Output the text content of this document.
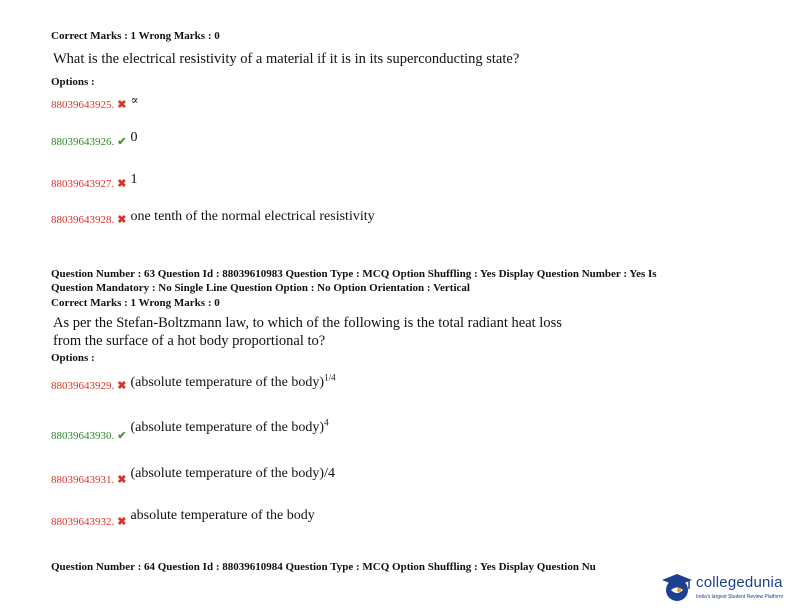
Correct Marks : 1 Wrong Marks : 0
What is the electrical resistivity of a material if it is in its superconducting state?
Options :
88039643925. ✖ ∝
88039643926. ✔ 0
88039643927. ✖ 1
88039643928. ✖ one tenth of the normal electrical resistivity
Question Number : 63 Question Id : 88039610983 Question Type : MCQ Option Shuffling : Yes Display Question Number : Yes Is
Question Mandatory : No Single Line Question Option : No Option Orientation : Vertical
Correct Marks : 1 Wrong Marks : 0
As per the Stefan-Boltzmann law, to which of the following is the total radiant heat loss
from the surface of a hot body proportional to?
Options :
88039643929. ✖ (absolute temperature of the body)$^{1/4}$
$_{88039643930.}$ ✔ (absolute temperature of the body)$^4$
$_{88039643931.}$ ✖ (absolute temperature of the body)/4
$_{88039643932.}$ ✖ absolute temperature of the body
Question Number : 64 Question Id : 88039610984 Question Type : MCQ Option Shuffling : Yes Display Question Nu
collegedunia
India's largest Student Review Platform
